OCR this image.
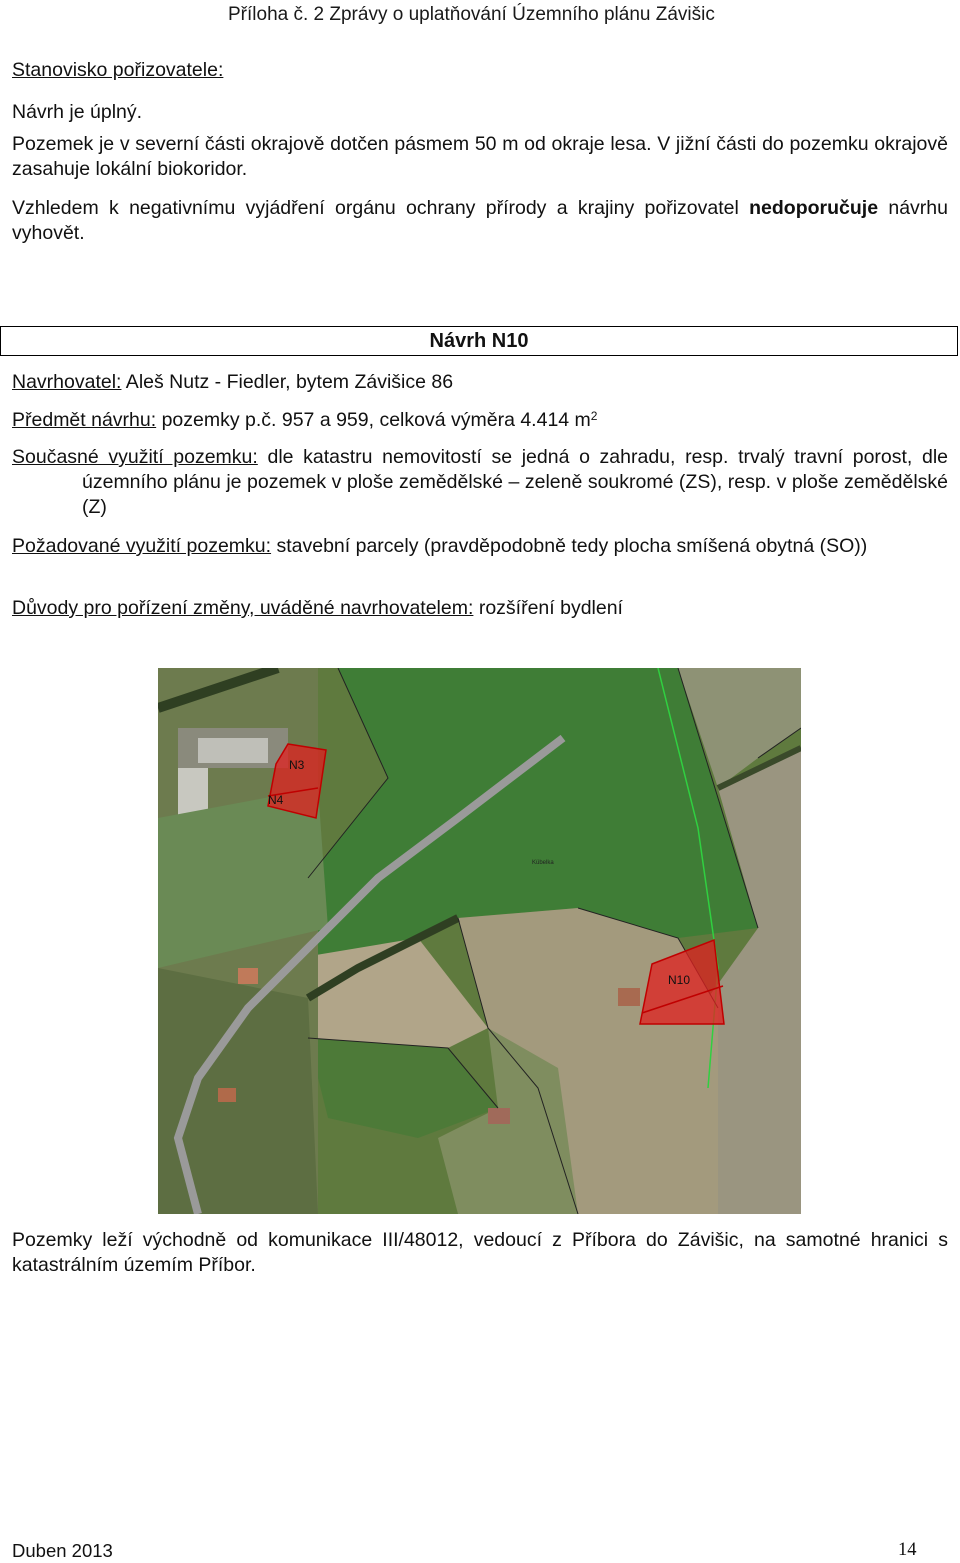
Příloha č. 2 Zprávy o uplatňování Územního plánu Závišic

Stanovisko pořizovatele:

Návrh je úplný.

Pozemek je v severní části okrajově dotčen pásmem 50 m od okraje lesa. V jižní části do pozemku okrajově zasahuje lokální biokoridor.

Vzhledem k negativnímu vyjádření orgánu ochrany přírody a krajiny pořizovatel nedoporučuje návrhu vyhovět.

Návrh N10

Navrhovatel: Aleš Nutz - Fiedler, bytem Závišice 86

Předmět návrhu: pozemky p.č. 957 a 959, celková výměra 4.414 $m^2$

Současné využití pozemku: dle katastru nemovitostí se jedná o zahradu, resp. trvalý travní porost, dle územního plánu je pozemek v ploše zemědělské – zeleně soukromé (ZS), resp. v ploše zemědělské (Z)

Požadované využití pozemku: stavební parcely (pravděpodobně tedy plocha smíšená obytná (SO))

Důvody pro pořízení změny, uváděné navrhovatelem: rozšíření bydlení

N3
N4
N10
Kübelka

Pozemky leží východně od komunikace III/48012, vedoucí z Příbora do Závišic, na samotné hranici s katastrálním územím Příbor.

Duben 2013	14
